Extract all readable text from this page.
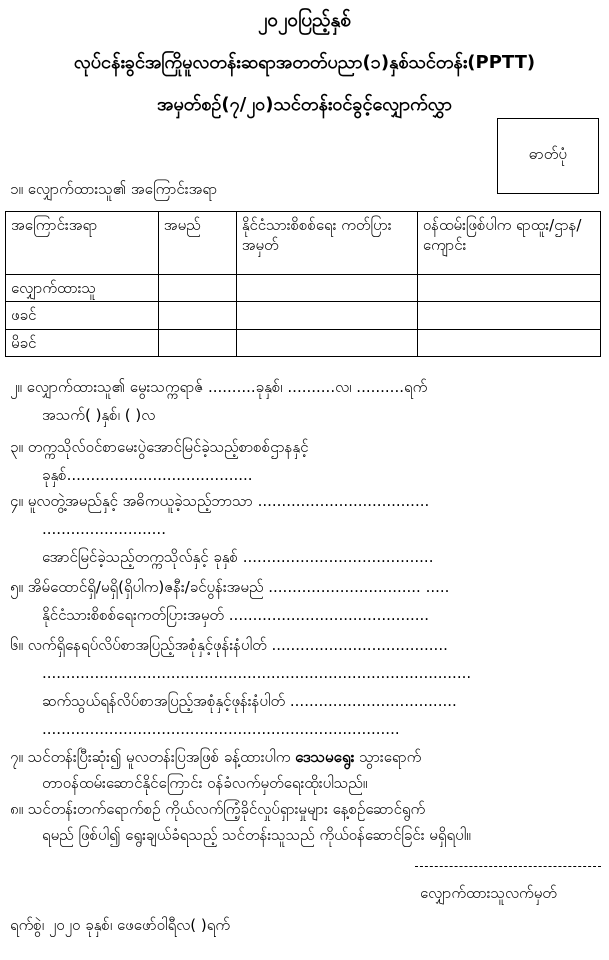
၂၀၂၀ပြည့်နှစ်
လုပ်ငန်းခွင်အကြိုမူလတန်းဆရာအတတ်ပညာ(၁)နှစ်သင်တန်း(PPTT)
အမှတ်စဉ်(၇/၂၀)သင်တန်းဝင်ခွင့်လျှောက်လွှာ
ဓာတ်ပုံ
၁။ လျှောက်ထားသူ၏ အကြောင်းအရာ
အကြောင်းအရာ	အမည်	နိုင်ငံသားစိစစ်ရေး ကတ်ပြားအမှတ်	ဝန်ထမ်းဖြစ်ပါက ရာထူး/ဌာန/ကျောင်း
လျှောက်ထားသူ			
ဖခင်			
မိခင်			
၂။ လျှောက်ထားသူ၏ မွေးသက္ကရာဇ် ..........ခုနှစ်၊ ..........လ၊ ..........ရက်
အသက်( )နှစ်၊ ( )လ
၃။ တက္ကသိုလ်ဝင်စာမေးပွဲအောင်မြင်ခဲ့သည့်စာစစ်ဌာနနှင့်
ခုနှစ်.......................................
၄။ မူလတွဲ့အမည်နှင့် အဓိကယူခဲ့သည့်ဘာသာ ....................................
..........................
အောင်မြင်ခဲ့သည့်တက္ကသိုလ်နှင့် ခုနှစ် ........................................
၅။ အိမ်ထောင်ရှိ/မရှိ(ရှိပါက)ဇနီး/ခင်ပွန်းအမည် ................................ .....
နိုင်ငံသားစိစစ်ရေးကတ်ပြားအမှတ် ..........................................
၆။ လက်ရှိနေရပ်လိပ်စာအပြည့်အစုံနှင့်ဖုန်းနံပါတ် .....................................
..........................................................................................
ဆက်သွယ်ရန်လိပ်စာအပြည့်အစုံနှင့်ဖုန်းနံပါတ် ...................................
...........................................................................
၇။ သင်တန်းပြီးဆုံး၍ မူလတန်းပြအဖြစ် ခန့်ထားပါက ဒေသမရွေး သွားရောက်
တာဝန်ထမ်းဆောင်နိုင်ကြောင်း ဝန်ခံလက်မှတ်ရေးထိုးပါသည်။
၈။ သင်တန်းတက်ရောက်စဉ် ကိုယ်လက်ကြံ့ခိုင်လှုပ်ရှားမှုများ နေ့စဉ်ဆောင်ရွက်
ရမည် ဖြစ်ပါ၍ ရွေးချယ်ခံရသည့် သင်တန်းသူသည် ကိုယ်ဝန်ဆောင်ခြင်း မရှိရပါ။
လျှောက်ထားသူလက်မှတ်
ရက်စွဲ၊ ၂၀၂၀ ခုနှစ်၊ ဖေဖော်ဝါရီလ( )ရက်
